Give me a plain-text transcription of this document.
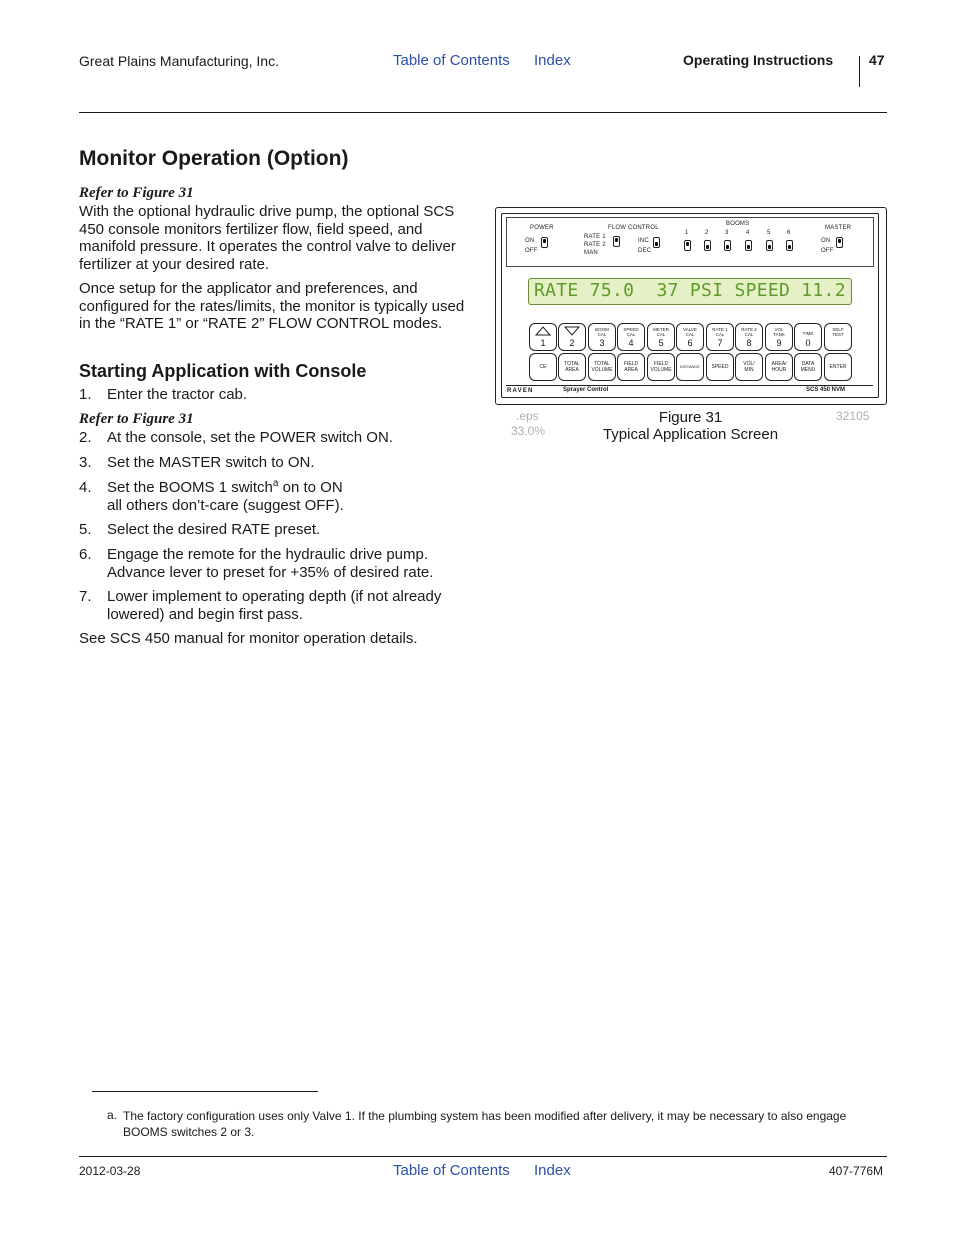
Great Plains Manufacturing, Inc.	Table of Contents Index	Operating Instructions	47
Monitor Operation (Option)
Refer to Figure 31
With the optional hydraulic drive pump, the optional SCS 450 console monitors fertilizer flow, field speed, and manifold pressure. It operates the control valve to deliver fertilizer at your desired rate.
Once setup for the applicator and preferences, and configured for the rates/limits, the monitor is typically used in the “RATE 1” or “RATE 2” FLOW CONTROL modes.
Starting Application with Console
1.	Enter the tractor cab.
Refer to Figure 31
2.	At the console, set the POWER switch ON.
3.	Set the MASTER switch to ON.
4.	Set the BOOMS 1 switch$^a$ on to ON
all others don’t-care (suggest OFF).
5.	Select the desired RATE preset.
6.	Engage the remote for the hydraulic drive pump. Advance lever to preset for +35% of desired rate.
7.	Lower implement to operating depth (if not already lowered) and begin first pass.
See SCS 450 manual for monitor operation details.
POWER
ON
OFF
FLOW CONTROL
RATE 1
RATE 2
MAN
INC
DEC
BOOMS
1	2	3	4	5	6
MASTER
ON
OFF
RATE 75.0  37 PSI SPEED 11.2
1	2
BOOM
CAL
3
SPEED
CAL
4
METER
CAL
5
VALVE
CAL
6
RATE 1
CAL
7
RATE 2
CAL
8
VOL
TANK
9
TIME
0
SELF
TEST
CE	TOTAL
AREA
TOTAL
VOLUME
FIELD
AREA
FIELD
VOLUME
DISTANCE	SPEED	VOL/
MIN
AREA/
HOUR
DATA
MENU	ENTER
RAVEN	Sprayer Control	SCS 450 NVM
.eps
33.0%
Figure 31
Typical Application Screen
32105
a. The factory configuration uses only Valve 1. If the plumbing system has been modified after delivery, it may be necessary to also engage BOOMS switches 2 or 3.
2012-03-28	Table of Contents Index	407-776M
